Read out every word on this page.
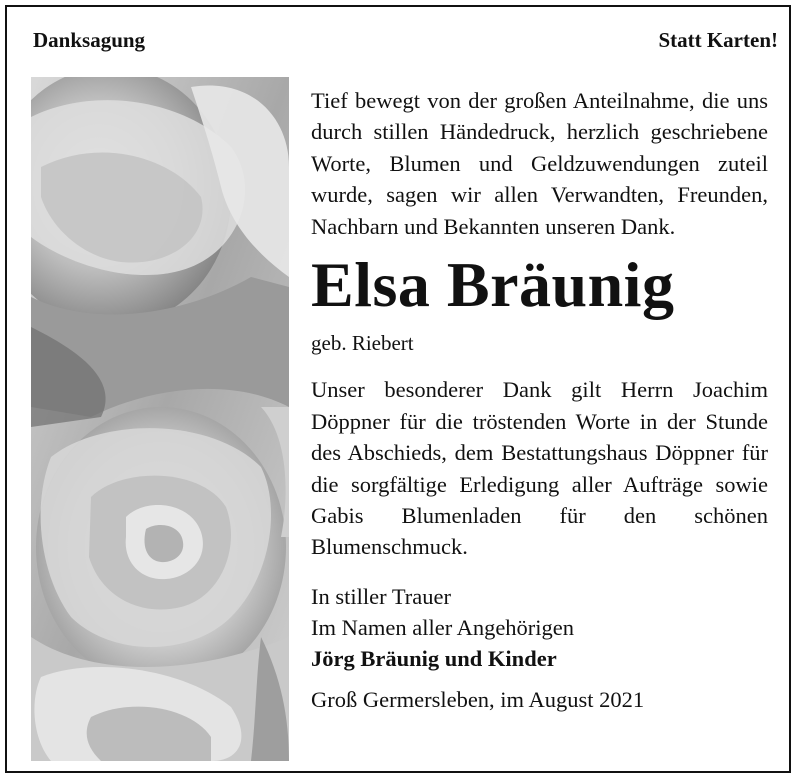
Danksagung	Statt Karten!

Tief bewegt von der großen Anteilnahme, die uns durch stillen Händedruck, herzlich geschriebene Worte, Blumen und Geldzuwendungen zuteil wurde, sagen wir allen Verwandten, Freunden, Nachbarn und Bekannten unseren Dank.

Elsa Bräunig

geb. Riebert

Unser besonderer Dank gilt Herrn Joachim Döppner für die tröstenden Worte in der Stunde des Abschieds, dem Bestattungshaus Döppner für die sorgfältige Erledigung aller Aufträge sowie Gabis Blumenladen für den schönen Blumenschmuck.

In stiller Trauer
Im Namen aller Angehörigen
Jörg Bräunig und Kinder
Groß Germersleben, im August 2021
